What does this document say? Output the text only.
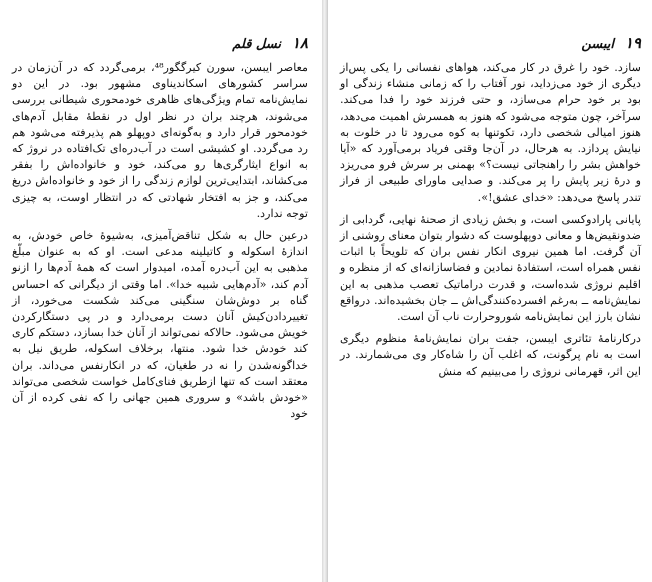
۱۸ نسل قلم

معاصر ایبسن، سورن کیرگگور⁴⁸، برمی‌گردد که در آن‌زمان در سراسر کشورهای اسکاندیناوی مشهور بود. در این دو نمایش‌نامه تمام ویژگی‌های ظاهری خودمحوری شیطانی بررسی می‌شوند، هرچند بران در نظر اول در نقطهٔ مقابل آدم‌های خودمحور قرار دارد و به‌گونه‌ای دوپهلو هم پذیرفته می‌شود هم رد می‌گردد. او کشیشی است در آب‌دره‌ای تک‌افتاده در نروژ که به انواع ایثارگری‌ها رو می‌کند، خود و خانواده‌اش را بفقر می‌کشاند، ابتدایی‌ترین لوازم زندگی را از خود و خانواده‌اش دریغ می‌کند، و جز به افتخار شهادتی که در انتظار اوست، به چیزی توجه ندارد.

درعین حال به شکل تناقض‌آمیزی، به‌شیوهٔ خاص خودش، به اندازهٔ اسکوله و کاتیلینه مدعی است. او که به عنوان مبلّغ مذهبی به این آب‌دره آمده، امیدوار است که همهٔ آدم‌ها را ازنو آدم کند، «آدم‌هایی شبیه خدا». اما وقتی از دیگرانی که احساس گناه بر دوش‌شان سنگینی می‌کند شکست می‌خورد، از تغییردادن‌کیش آنان دست برمی‌دارد و در پی دستگارکردن خویش می‌شود. حالاکه نمی‌تواند از آنان خدا بسازد، دستکم کاری کند خودش خدا شود. منتها، برخلاف اسکوله، طریق نیل به خداگونه‌شدن را نه در طغیان، که در انکارنفس می‌داند. بران معتقد است که تنها ازطریق فنای‌کامل خواست شخصی می‌تواند «خودش باشد» و سروری همین جهانی را که نفی کرده از آن خود

۱۹ ایبسن

سازد. خود را غرق در کار می‌کند، هواهای نفسانی را یکی پس‌از دیگری از خود می‌زداید، نور آفتاب را که زمانی منشاء زندگی او بود بر خود حرام می‌سازد، و حتی فرزند خود را فدا می‌کند. سرآخر، چون متوجه می‌شود که هنوز به همسرش اهمیت می‌دهد، هنوز امیالی شخصی دارد، تکوتنها به کوه می‌رود تا در خلوت به نیایش پردازد. به هرحال، در آن‌جا وقتی فریاد برمی‌آورد که «آیا خواهش بشر را راهنجاتی نیست؟» بهمنی بر سرش فرو می‌ریزد و درهٔ زیر پایش را پر می‌کند. و صدایی ماورای طبیعی از فراز تندر پاسخ می‌دهد: «خدای عشق!».

پایانی پارادوکسی است، و بخش زیادی از صحنهٔ نهایی، گردابی از ضدونقیض‌ها و معانی دوپهلوست که دشوار بتوان معنای روشنی از آن گرفت. اما همین نیروی انکار نفس بران که تلویحاً با اثبات نفس همراه است، استفادهٔ نمادین و فضاسازانه‌ای که از منظره و اقلیم نروژی شده‌است، و قدرت دراماتیک تعصب مذهبی به این نمایش‌نامه ــ به‌رغم افسرده‌کنندگی‌اش ــ جان بخشیده‌اند. درواقع نشان بارز این نمایش‌نامه شوروحرارت ناب آن است.

درکارنامهٔ تئاتری ایبسن، جفت بران نمایش‌نامهٔ منظوم دیگری است به نام پرگونت، که اغلب آن را شاه‌کار وی می‌شمارند. در این اثر، قهرمانی نروژی را می‌بینیم که منش
